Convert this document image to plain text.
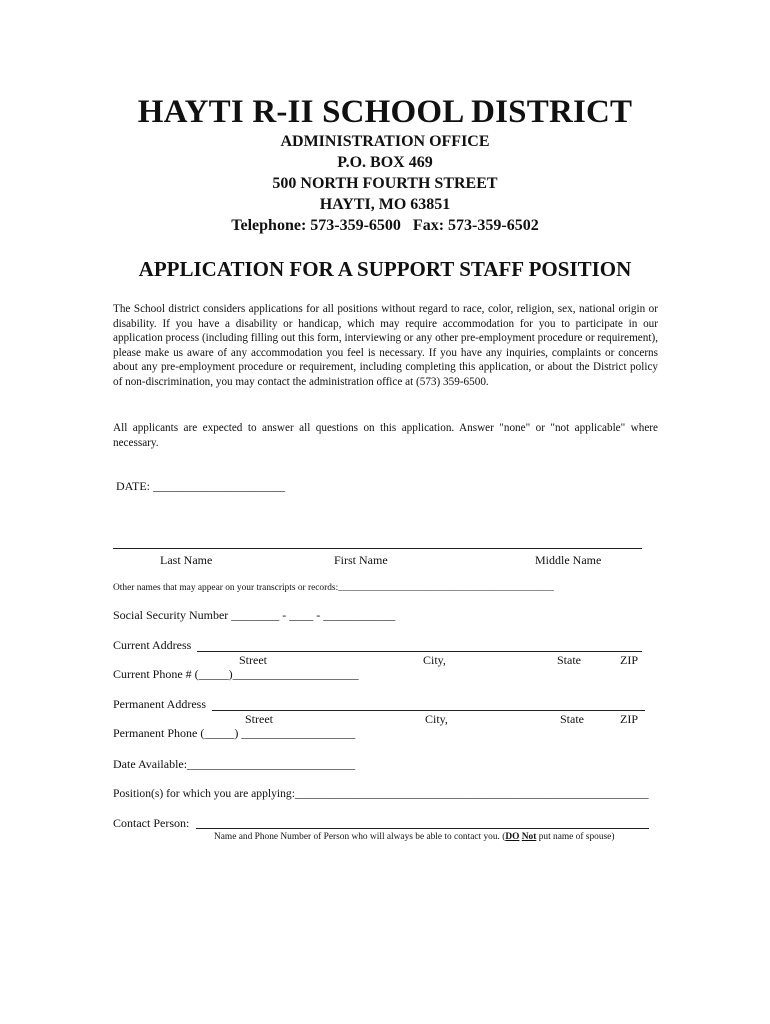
HAYTI R-II SCHOOL DISTRICT
ADMINISTRATION OFFICE
P.O. BOX 469
500 NORTH FOURTH STREET
HAYTI, MO 63851
Telephone: 573-359-6500   Fax: 573-359-6502
APPLICATION FOR A SUPPORT STAFF POSITION
The School district considers applications for all positions without regard to race, color, religion, sex, national origin or disability. If you have a disability or handicap, which may require accommodation for you to participate in our application process (including filling out this form, interviewing or any other pre-employment procedure or requirement), please make us aware of any accommodation you feel is necessary. If you have any inquiries, complaints or concerns about any pre-employment procedure or requirement, including completing this application, or about the District policy of non-discrimination, you may contact the administration office at (573) 359-6500.
All applicants are expected to answer all questions on this application. Answer "none" or "not applicable" where necessary.
DATE: ______________________
Last Name	First Name	Middle Name
Other names that may appear on your transcripts or records:______________________________________________
Social Security Number ________ - ____ - ____________
Current Address
Street	City,	State	ZIP
Current Phone # (_____)_____________________
Permanent Address
Street	City,	State	ZIP
Permanent Phone (_____) ___________________
Date Available:____________________________
Position(s) for which you are applying:_____________________________________________________________
Contact Person:
Name and Phone Number of Person who will always be able to contact you. (DO Not put name of spouse)
